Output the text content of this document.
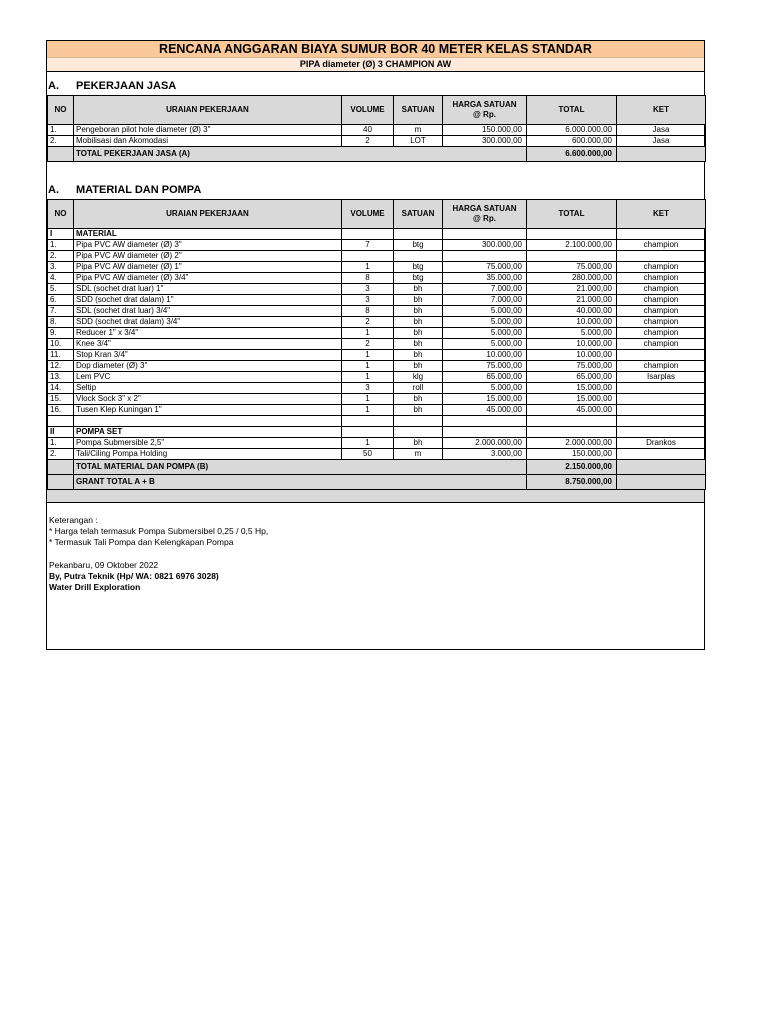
RENCANA ANGGARAN BIAYA SUMUR BOR 40 METER KELAS STANDAR
PIPA diameter (Ø) 3 CHAMPION AW
A. PEKERJAAN JASA
NO	URAIAN PEKERJAAN	VOLUME	SATUAN	HARGA SATUAN
@ Rp.	TOTAL	KET
1.	Pengeboran pilot hole diameter (Ø) 3"	40	m	150.000,00	6.000.000,00	Jasa
2.	Mobilisasi dan Akomodasi	2	LOT	300.000,00	600.000,00	Jasa
	TOTAL PEKERJAAN JASA (A)				6.600.000,00	
A. MATERIAL DAN POMPA
NO	URAIAN PEKERJAAN	VOLUME	SATUAN	HARGA SATUAN
@ Rp.	TOTAL	KET
I	MATERIAL					
1.	Pipa PVC AW diameter (Ø) 3"	7	btg	300.000,00	2.100.000,00	champion
2.	Pipa PVC AW diameter (Ø) 2"					
3.	Pipa PVC AW diameter (Ø) 1"	1	btg	75.000,00	75.000,00	champion
4.	Pipa PVC AW diameter (Ø) 3/4"	8	btg	35.000,00	280.000,00	champion
5.	SDL (sochet drat luar) 1"	3	bh	7.000,00	21.000,00	champion
6.	SDD (sochet drat dalam) 1"	3	bh	7.000,00	21.000,00	champion
7.	SDL (sochet drat luar) 3/4"	8	bh	5.000,00	40.000,00	champion
8.	SDD (sochet drat dalam) 3/4"	2	bh	5.000,00	10.000,00	champion
9.	Reducer 1" x 3/4"	1	bh	5.000,00	5.000,00	champion
10.	Knee 3/4"	2	bh	5.000,00	10.000,00	champion
11.	Stop Kran 3/4"	1	bh	10.000,00	10.000,00	
12.	Dop diameter (Ø) 3"	1	bh	75.000,00	75.000,00	champion
13.	Lem PVC	1	klg	65.000,00	65.000,00	Isarplas
14.	Seltip	3	roll	5.000,00	15.000,00	
15.	Vlock Sock 3" x 2"	1	bh	15.000,00	15.000,00	
16.	Tusen Klep Kuningan 1"	1	bh	45.000,00	45.000,00	

II	POMPA SET					
1.	Pompa Submersible 2,5"	1	bh	2.000.000,00	2.000.000,00	Drankos
2.	Tali/Ciling Pompa Holding	50	m	3.000,00	150.000,00	
	TOTAL MATERIAL DAN POMPA (B)				2.150.000,00	
	GRANT TOTAL A + B				8.750.000,00	
Keterangan :
* Harga telah termasuk Pompa Submersibel 0,25 / 0,5 Hp,
* Termasuk Tali Pompa dan Kelengkapan Pompa
Pekanbaru, 09 Oktober 2022
By, Putra Teknik (Hp/ WA: 0821 6976 3028)
Water Drill Exploration
